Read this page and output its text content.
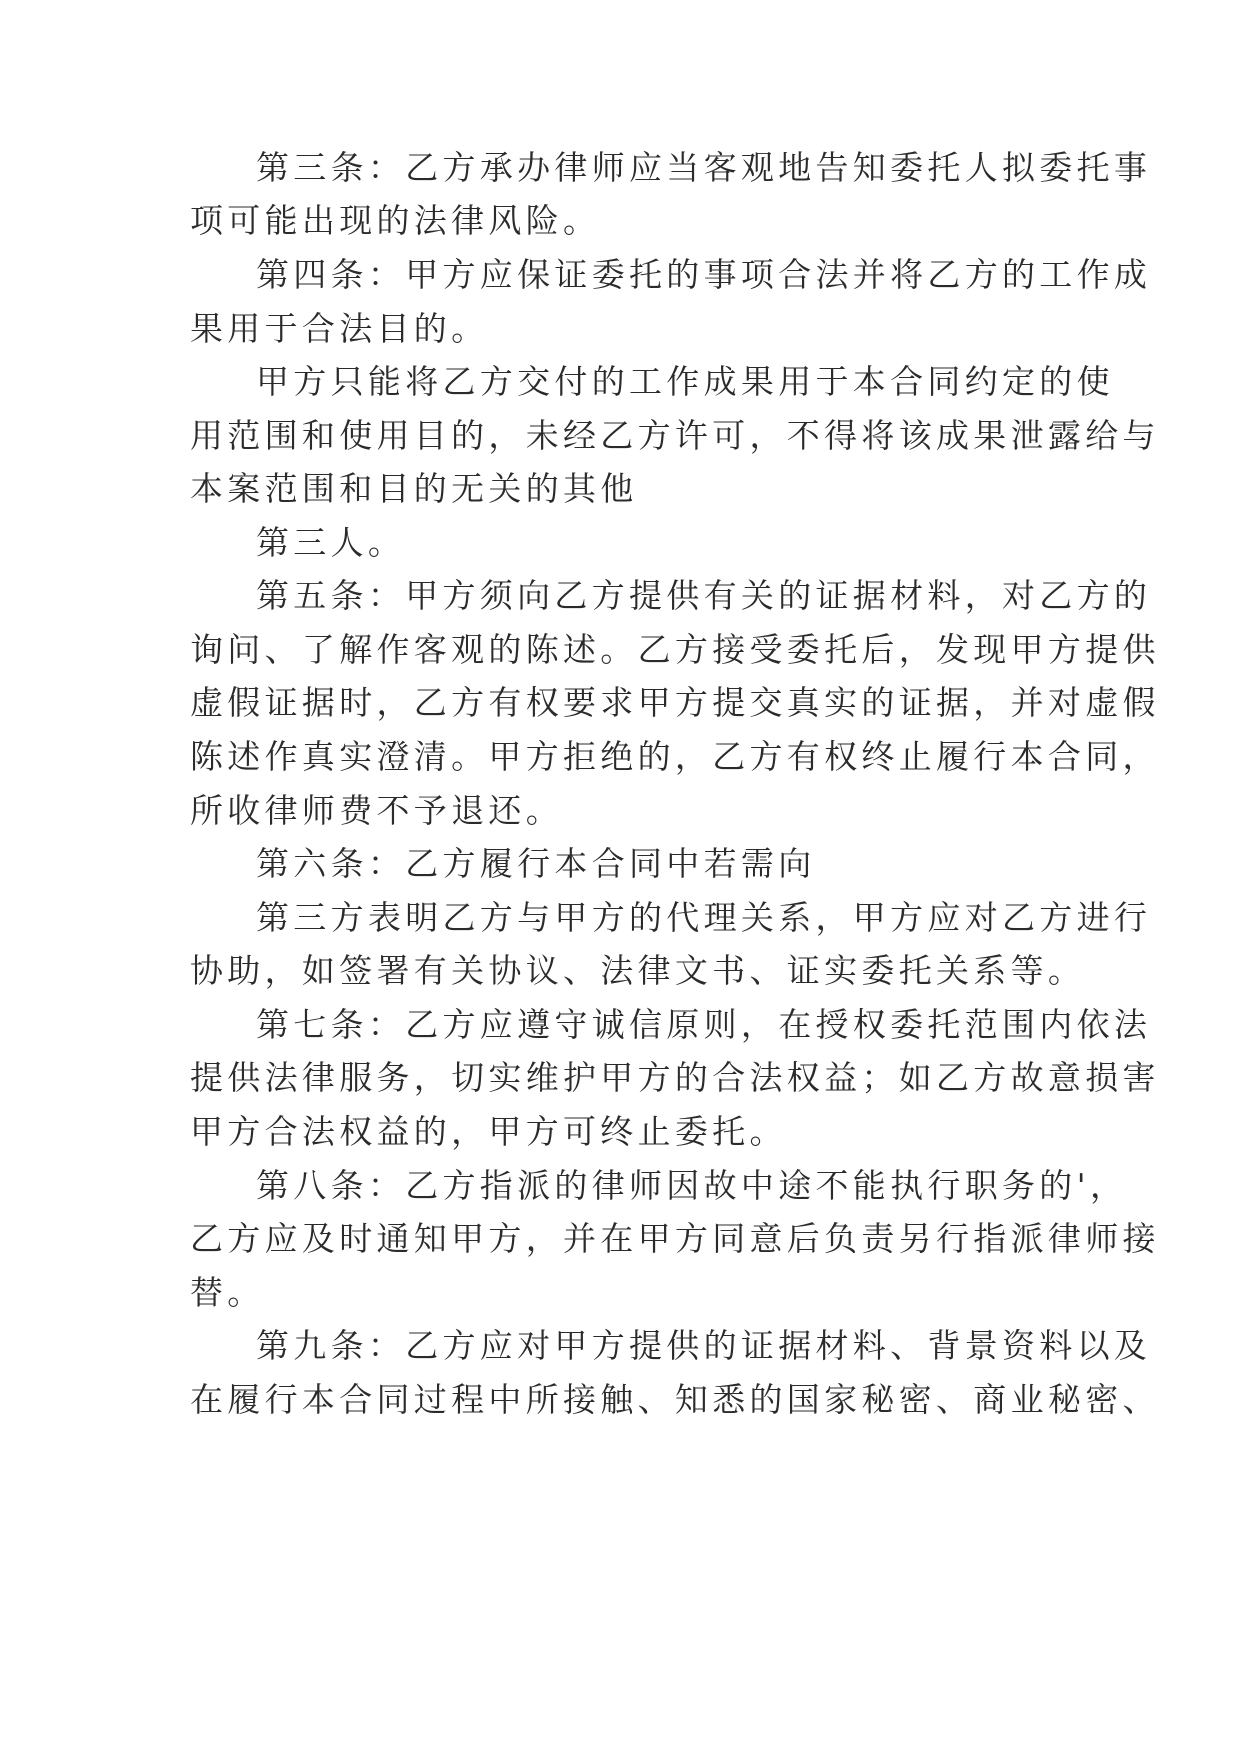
第三条：乙方承办律师应当客观地告知委托人拟委托事
项可能出现的法律风险。
第四条：甲方应保证委托的事项合法并将乙方的工作成
果用于合法目的。
甲方只能将乙方交付的工作成果用于本合同约定的使
用范围和使用目的，未经乙方许可，不得将该成果泄露给与
本案范围和目的无关的其他
第三人。
第五条：甲方须向乙方提供有关的证据材料，对乙方的
询问、了解作客观的陈述。乙方接受委托后，发现甲方提供
虚假证据时，乙方有权要求甲方提交真实的证据，并对虚假
陈述作真实澄清。甲方拒绝的，乙方有权终止履行本合同，
所收律师费不予退还。
第六条：乙方履行本合同中若需向
第三方表明乙方与甲方的代理关系，甲方应对乙方进行
协助，如签署有关协议、法律文书、证实委托关系等。
第七条：乙方应遵守诚信原则，在授权委托范围内依法
提供法律服务，切实维护甲方的合法权益；如乙方故意损害
甲方合法权益的，甲方可终止委托。
第八条：乙方指派的律师因故中途不能执行职务的'，
乙方应及时通知甲方，并在甲方同意后负责另行指派律师接
替。
第九条：乙方应对甲方提供的证据材料、背景资料以及
在履行本合同过程中所接触、知悉的国家秘密、商业秘密、
